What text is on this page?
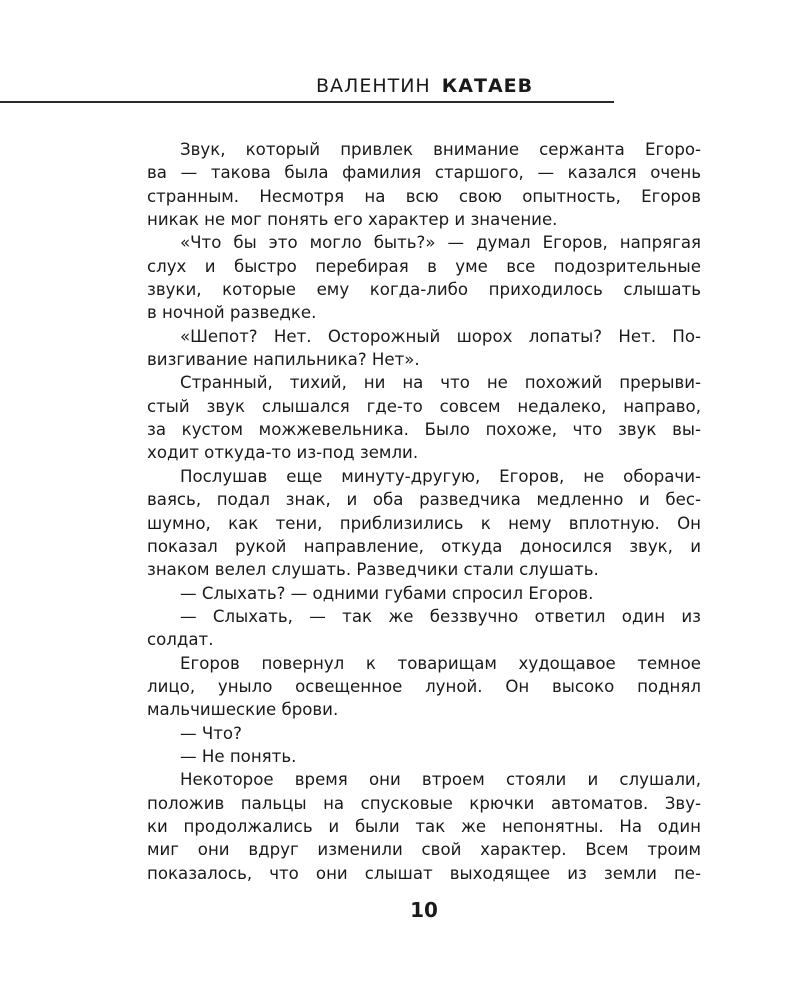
ВАЛЕНТИН КАТАЕВ
Звук, который привлек внимание сержанта Егоро-
ва — такова была фамилия старшого, — казался очень
странным. Несмотря на всю свою опытность, Егоров
никак не мог понять его характер и значение.
«Что бы это могло быть?» — думал Егоров, напрягая
слух и быстро перебирая в уме все подозрительные
звуки, которые ему когда-либо приходилось слышать
в ночной разведке.
«Шепот? Нет. Осторожный шорох лопаты? Нет. По-
визгивание напильника? Нет».
Странный, тихий, ни на что не похожий прерыви-
стый звук слышался где-то совсем недалеко, направо,
за кустом можжевельника. Было похоже, что звук вы-
ходит откуда-то из-под земли.
Послушав еще минуту-другую, Егоров, не оборачи-
ваясь, подал знак, и оба разведчика медленно и бес-
шумно, как тени, приблизились к нему вплотную. Он
показал рукой направление, откуда доносился звук, и
знаком велел слушать. Разведчики стали слушать.
— Слыхать? — одними губами спросил Егоров.
— Слыхать, — так же беззвучно ответил один из
солдат.
Егоров повернул к товарищам худощавое темное
лицо, уныло освещенное луной. Он высоко поднял
мальчишеские брови.
— Что?
— Не понять.
Некоторое время они втроем стояли и слушали,
положив пальцы на спусковые крючки автоматов. Зву-
ки продолжались и были так же непонятны. На один
миг они вдруг изменили свой характер. Всем троим
показалось, что они слышат выходящее из земли пе-
10
